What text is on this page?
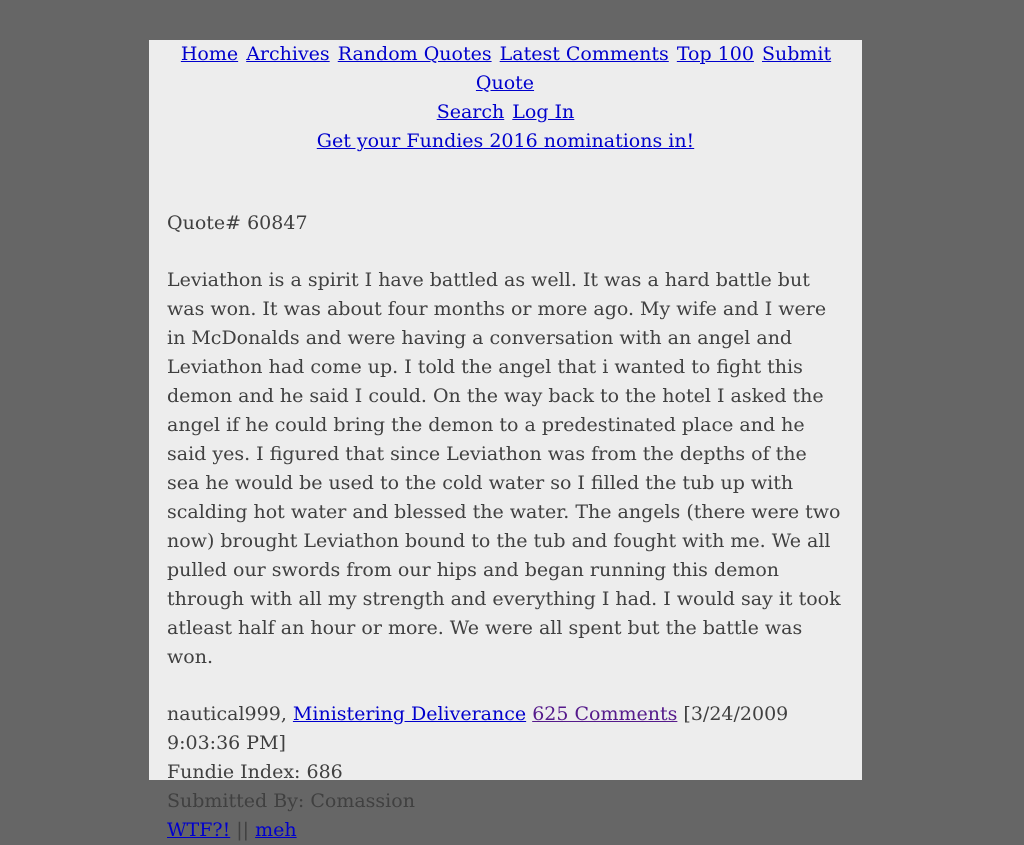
Home Archives Random Quotes Latest Comments Top 100 Submit Quote
Search Log In
Get your Fundies 2016 nominations in!
Quote# 60847
Leviathon is a spirit I have battled as well. It was a hard battle but was won. It was about four months or more ago. My wife and I were in McDonalds and were having a conversation with an angel and Leviathon had come up. I told the angel that i wanted to fight this demon and he said I could. On the way back to the hotel I asked the angel if he could bring the demon to a predestinated place and he said yes. I figured that since Leviathon was from the depths of the sea he would be used to the cold water so I filled the tub up with scalding hot water and blessed the water. The angels (there were two now) brought Leviathon bound to the tub and fought with me. We all pulled our swords from our hips and began running this demon through with all my strength and everything I had. I would say it took atleast half an hour or more. We were all spent but the battle was won.
nautical999, Ministering Deliverance 625 Comments [3/24/2009 9:03:36 PM]
Fundie Index: 686
Submitted By: Comassion
WTF?! || meh
